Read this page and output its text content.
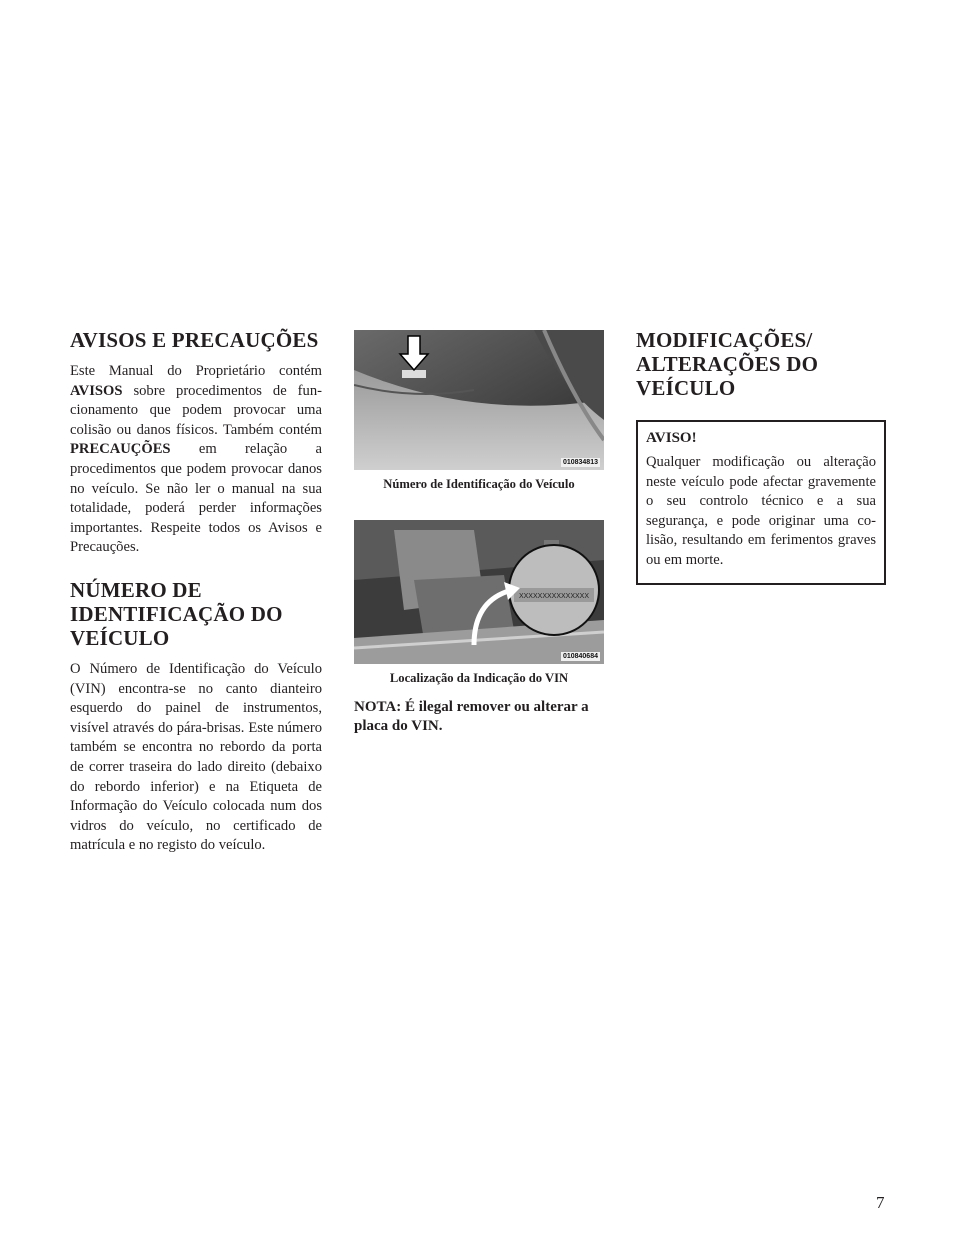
AVISOS E PRECAUÇÕES

Este Manual do Proprietário contém AVISOS sobre procedimentos de funcionamento que podem provocar uma colisão ou danos físicos. Também contém PRECAUÇÕES em relação a procedimentos que podem provocar danos no veículo. Se não ler o manual na sua totalidade, poderá perder informações importantes. Respeite todos os Avisos e Precauções.

NÚMERO DE
IDENTIFICAÇÃO DO
VEÍCULO

O Número de Identificação do Veículo (VIN) encontra-se no canto dianteiro esquerdo do painel de instrumentos, visível através do pára-brisas. Este número também se encontra no rebordo da porta de correr traseira do lado direito (debaixo do rebordo inferior) e na Etiqueta de Informação do Veículo colocada num dos vidros do veículo, no certificado de matrícula e no registo do veículo.

010834813
Número de Identificação do Veículo
XXXXXXXXXXXXXXX
010840684
Localização da Indicação do VIN
NOTA: É ilegal remover ou alterar a placa do VIN.
MODIFICAÇÕES/
ALTERAÇÕES DO
VEÍCULO

AVISO!

Qualquer modificação ou alteração neste veículo pode afectar gravemente o seu controlo técnico e a sua segurança, e pode originar uma colisão, resultando em ferimentos graves ou em morte.

7
